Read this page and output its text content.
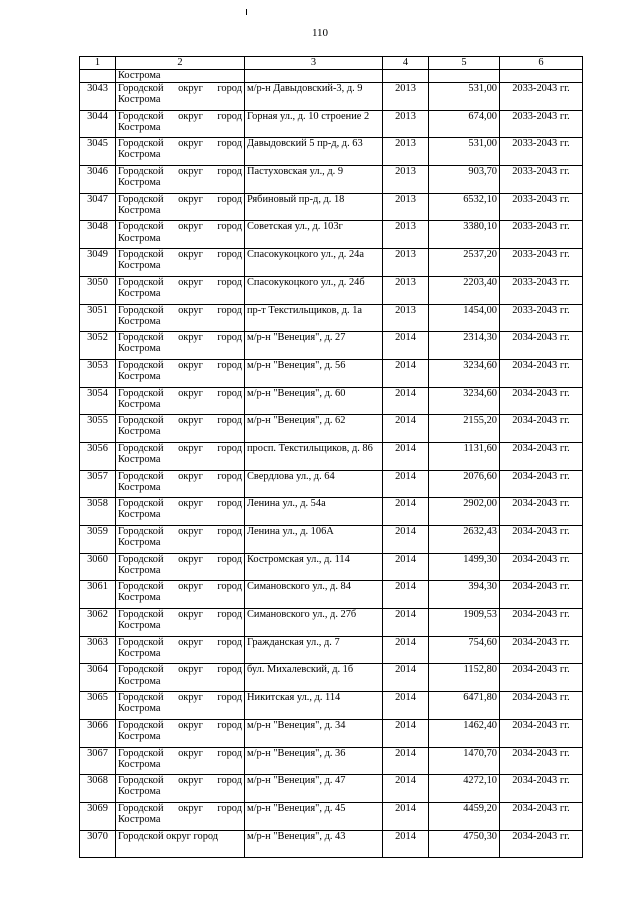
110
1	2	3	4	5	6
	Кострома				
3043	Городской округ город Кострома	м/р-н Давыдовский-3, д. 9	2013	531,00	2033-2043 гг.
3044	Городской округ город Кострома	Горная ул., д. 10 строение 2	2013	674,00	2033-2043 гг.
3045	Городской округ город Кострома	Давыдовский 5 пр-д, д. 63	2013	531,00	2033-2043 гг.
3046	Городской округ город Кострома	Пастуховская ул., д. 9	2013	903,70	2033-2043 гг.
3047	Городской округ город Кострома	Рябиновый пр-д, д. 18	2013	6532,10	2033-2043 гг.
3048	Городской округ город Кострома	Советская ул., д. 103г	2013	3380,10	2033-2043 гг.
3049	Городской округ город Кострома	Спасокукоцкого ул., д. 24а	2013	2537,20	2033-2043 гг.
3050	Городской округ город Кострома	Спасокукоцкого ул., д. 24б	2013	2203,40	2033-2043 гг.
3051	Городской округ город Кострома	пр-т Текстильщиков, д. 1а	2013	1454,00	2033-2043 гг.
3052	Городской округ город Кострома	м/р-н "Венеция", д. 27	2014	2314,30	2034-2043 гг.
3053	Городской округ город Кострома	м/р-н "Венеция", д. 56	2014	3234,60	2034-2043 гг.
3054	Городской округ город Кострома	м/р-н "Венеция", д. 60	2014	3234,60	2034-2043 гг.
3055	Городской округ город Кострома	м/р-н "Венеция", д. 62	2014	2155,20	2034-2043 гг.
3056	Городской округ город Кострома	просп. Текстильщиков, д. 86	2014	1131,60	2034-2043 гг.
3057	Городской округ город Кострома	Свердлова ул., д. 64	2014	2076,60	2034-2043 гг.
3058	Городской округ город Кострома	Ленина ул., д. 54а	2014	2902,00	2034-2043 гг.
3059	Городской округ город Кострома	Ленина ул., д. 106А	2014	2632,43	2034-2043 гг.
3060	Городской округ город Кострома	Костромская ул., д. 114	2014	1499,30	2034-2043 гг.
3061	Городской округ город Кострома	Симановского ул., д. 84	2014	394,30	2034-2043 гг.
3062	Городской округ город Кострома	Симановского ул., д. 27б	2014	1909,53	2034-2043 гг.
3063	Городской округ город Кострома	Гражданская ул., д. 7	2014	754,60	2034-2043 гг.
3064	Городской округ город Кострома	бул. Михалевский, д. 1б	2014	1152,80	2034-2043 гг.
3065	Городской округ город Кострома	Никитская ул., д. 114	2014	6471,80	2034-2043 гг.
3066	Городской округ город Кострома	м/р-н "Венеция", д. 34	2014	1462,40	2034-2043 гг.
3067	Городской округ город Кострома	м/р-н "Венеция", д. 36	2014	1470,70	2034-2043 гг.
3068	Городской округ город Кострома	м/р-н "Венеция", д. 47	2014	4272,10	2034-2043 гг.
3069	Городской округ город Кострома	м/р-н "Венеция", д. 45	2014	4459,20	2034-2043 гг.
3070	Городской округ город	м/р-н "Венеция", д. 43	2014	4750,30	2034-2043 гг.
